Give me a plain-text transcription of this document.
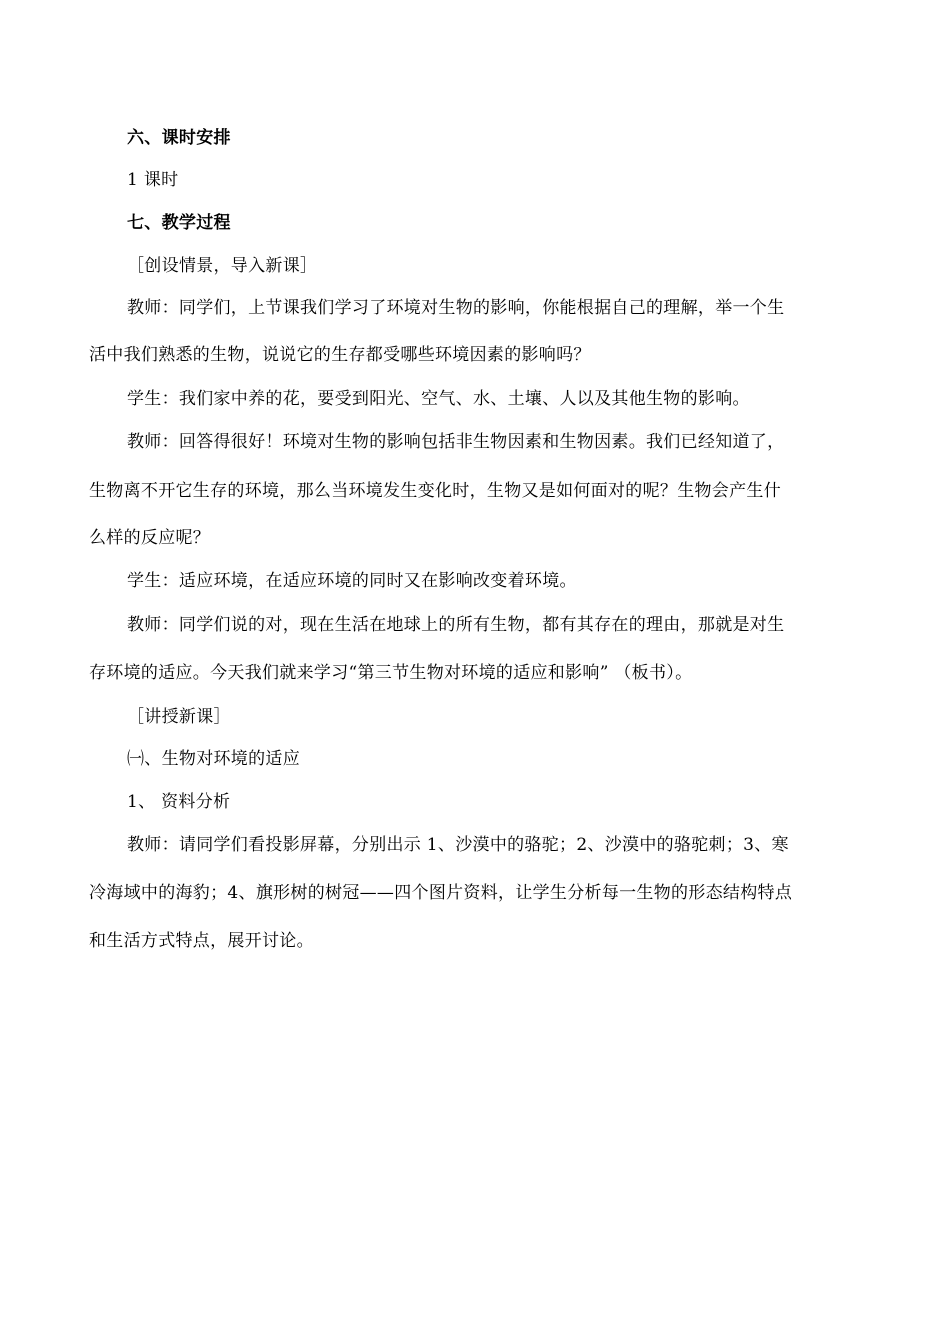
六、课时安排
1 课时
七、教学过程
［创设情景，导入新课］
教师：同学们，上节课我们学习了环境对生物的影响，你能根据自己的理解，举一个生
活中我们熟悉的生物，说说它的生存都受哪些环境因素的影响吗？
学生：我们家中养的花，要受到阳光、空气、水、土壤、人以及其他生物的影响。
教师：回答得很好！环境对生物的影响包括非生物因素和生物因素。我们已经知道了，
生物离不开它生存的环境，那么当环境发生变化时，生物又是如何面对的呢？生物会产生什
么样的反应呢？
学生：适应环境，在适应环境的同时又在影响改变着环境。
教师：同学们说的对，现在生活在地球上的所有生物，都有其存在的理由，那就是对生
存环境的适应。今天我们就来学习“第三节生物对环境的适应和影响” （板书）。
［讲授新课］
㈠、生物对环境的适应
1、 资料分析
教师：请同学们看投影屏幕，分别出示 1、沙漠中的骆驼；2、沙漠中的骆驼刺；3、寒
冷海域中的海豹；4、旗形树的树冠——四个图片资料，让学生分析每一生物的形态结构特点
和生活方式特点，展开讨论。
